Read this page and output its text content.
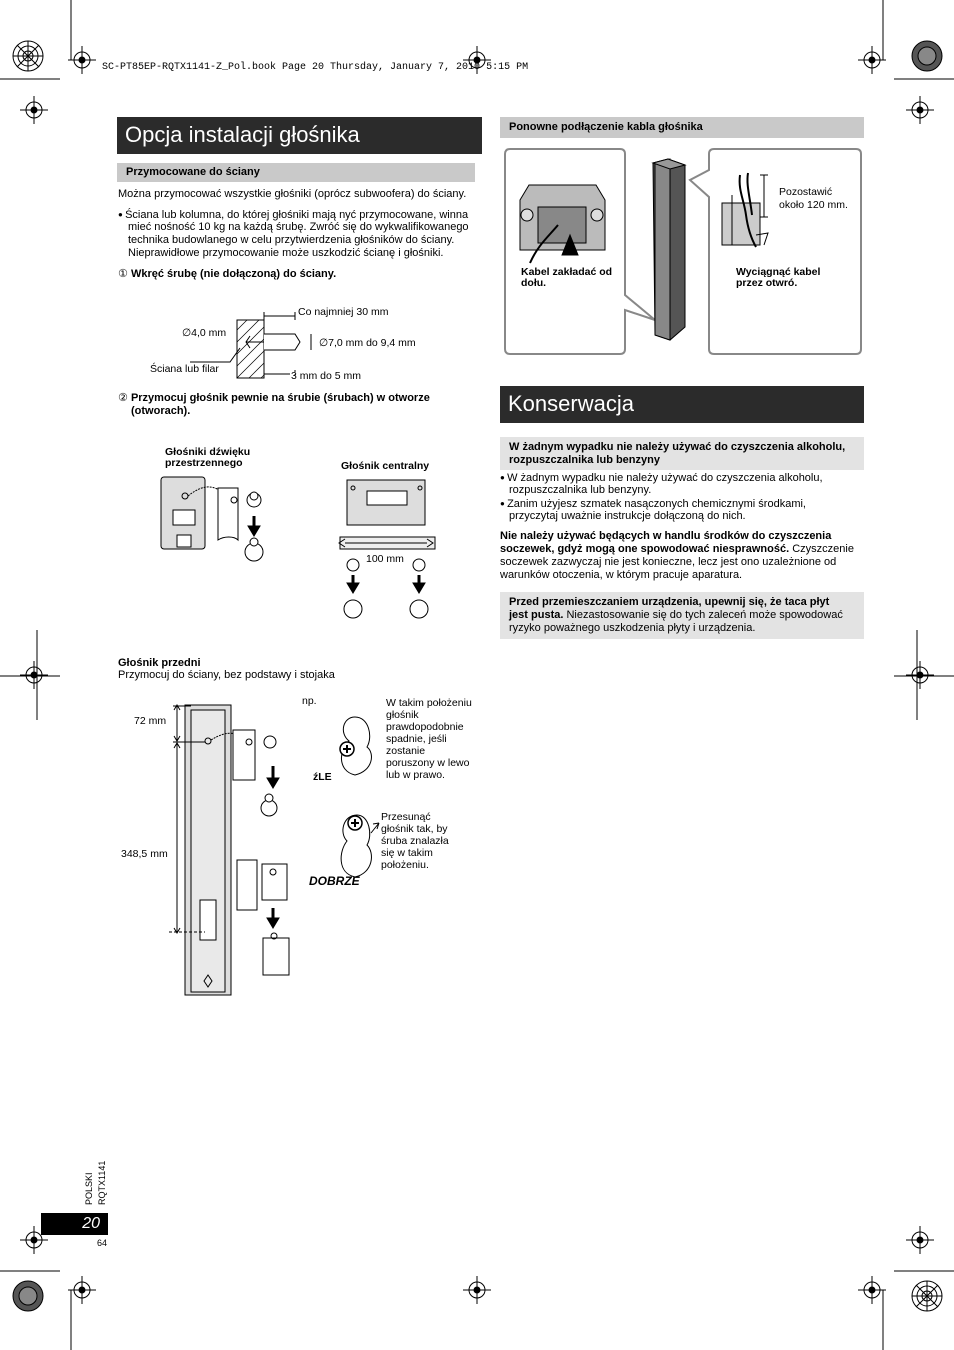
SC-PT85EP-RQTX1141-Z_Pol.book Page 20 Thursday, January 7, 2010 5:15 PM
Opcja instalacji głośnika
Przymocowane do ściany
Można przymocować wszystkie głośniki (oprócz subwoofera) do ściany.
● Ściana lub kolumna, do której głośniki mają nyć przymocowane, winna
mieć nośność 10 kg na każdą śrubę. Zwróć się do wykwalifikowanego
technika budowlanego w celu przytwierdzenia głośników do ściany.
Nieprawidłowe przymocowanie może uszkodzić ścianę i głośniki.
① Wkręć śrubę (nie dołączoną) do ściany.
Co najmniej 30 mm
∅4,0 mm
∅7,0 mm do 9,4 mm
Ściana lub filar
3 mm do 5 mm
② Przymocuj głośnik pewnie na śrubie (śrubach) w otworze
(otworach).
Głośniki dźwięku
przestrzennego	Głośnik centralny
100 mm
Głośnik przedni
Przymocuj do ściany, bez podstawy i stojaka
72 mm
348,5 mm
np.	W takim położeniu
głośnik
prawdopodobnie
spadnie, jeśli
zostanie
poruszony w lewo
lub w prawo.
źLE
Przesunąć
głośnik tak, by
śruba znalazła
się w takim
położeniu.
DOBRZE
Ponowne podłączenie kabla głośnika
Kabel zakładać od
dołu.
Pozostawić
około 120 mm.
Wyciągnąć kabel
przez otwró.
Konserwacja
W żadnym wypadku nie należy używać do czyszczenia alkoholu,
rozpuszczalnika lub benzyny
● W żadnym wypadku nie należy używać do czyszczenia alkoholu,
rozpuszczalnika lub benzyny.
● Zanim użyjesz szmatek nasączonych chemicznymi środkami,
przyczytaj uważnie instrukcje dołączoną do nich.
Nie należy używać będących w handlu środków do czyszczenia
soczewek, gdyż mogą one spowodować niesprawność. Czyszczenie
soczewek zazwyczaj nie jest konieczne, lecz jest ono uzależnione od
warunków otoczenia, w którym pracuje aparatura.
Przed przemieszczaniem urządzenia, upewnij się, że taca płyt
jest pusta. Niezastosowanie się do tych zaleceń może spowodować
ryzyko poważnego uszkodzenia płyty i urządzenia.
POLSKI RQTX1141
20
64
